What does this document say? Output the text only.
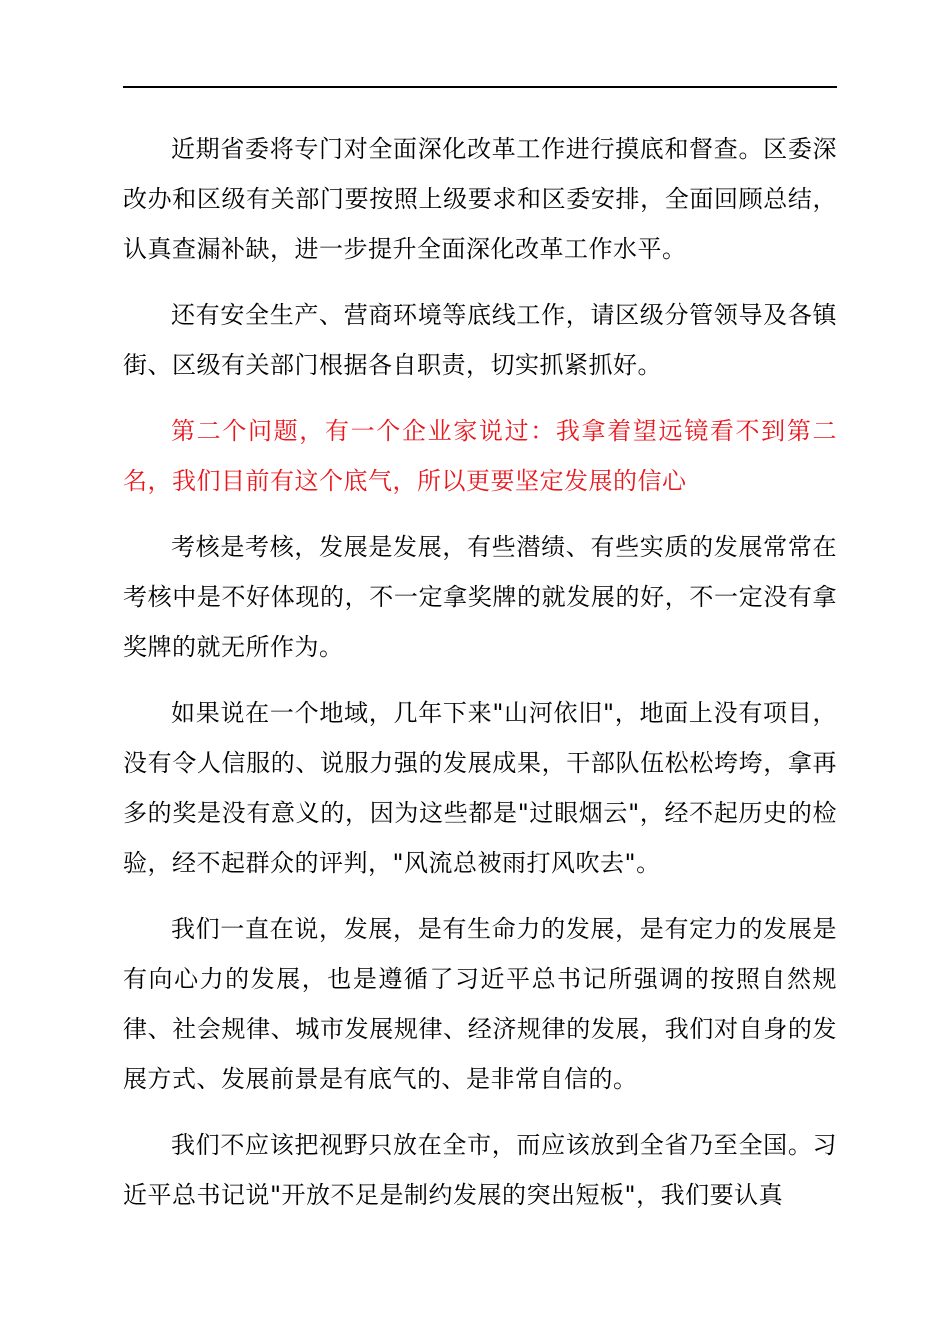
近期省委将专门对全面深化改革工作进行摸底和督查。区委深改办和区级有关部门要按照上级要求和区委安排，全面回顾总结，认真查漏补缺，进一步提升全面深化改革工作水平。

还有安全生产、营商环境等底线工作，请区级分管领导及各镇街、区级有关部门根据各自职责，切实抓紧抓好。

第二个问题，有一个企业家说过：我拿着望远镜看不到第二名，我们目前有这个底气，所以更要坚定发展的信心

考核是考核，发展是发展，有些潜绩、有些实质的发展常常在考核中是不好体现的，不一定拿奖牌的就发展的好，不一定没有拿奖牌的就无所作为。

如果说在一个地域，几年下来"山河依旧"，地面上没有项目，没有令人信服的、说服力强的发展成果，干部队伍松松垮垮，拿再多的奖是没有意义的，因为这些都是"过眼烟云"，经不起历史的检验，经不起群众的评判，"风流总被雨打风吹去"。

我们一直在说，发展，是有生命力的发展，是有定力的发展是有向心力的发展，也是遵循了习近平总书记所强调的按照自然规律、社会规律、城市发展规律、经济规律的发展，我们对自身的发展方式、发展前景是有底气的、是非常自信的。

我们不应该把视野只放在全市，而应该放到全省乃至全国。习近平总书记说"开放不足是制约发展的突出短板"，我们要认真
